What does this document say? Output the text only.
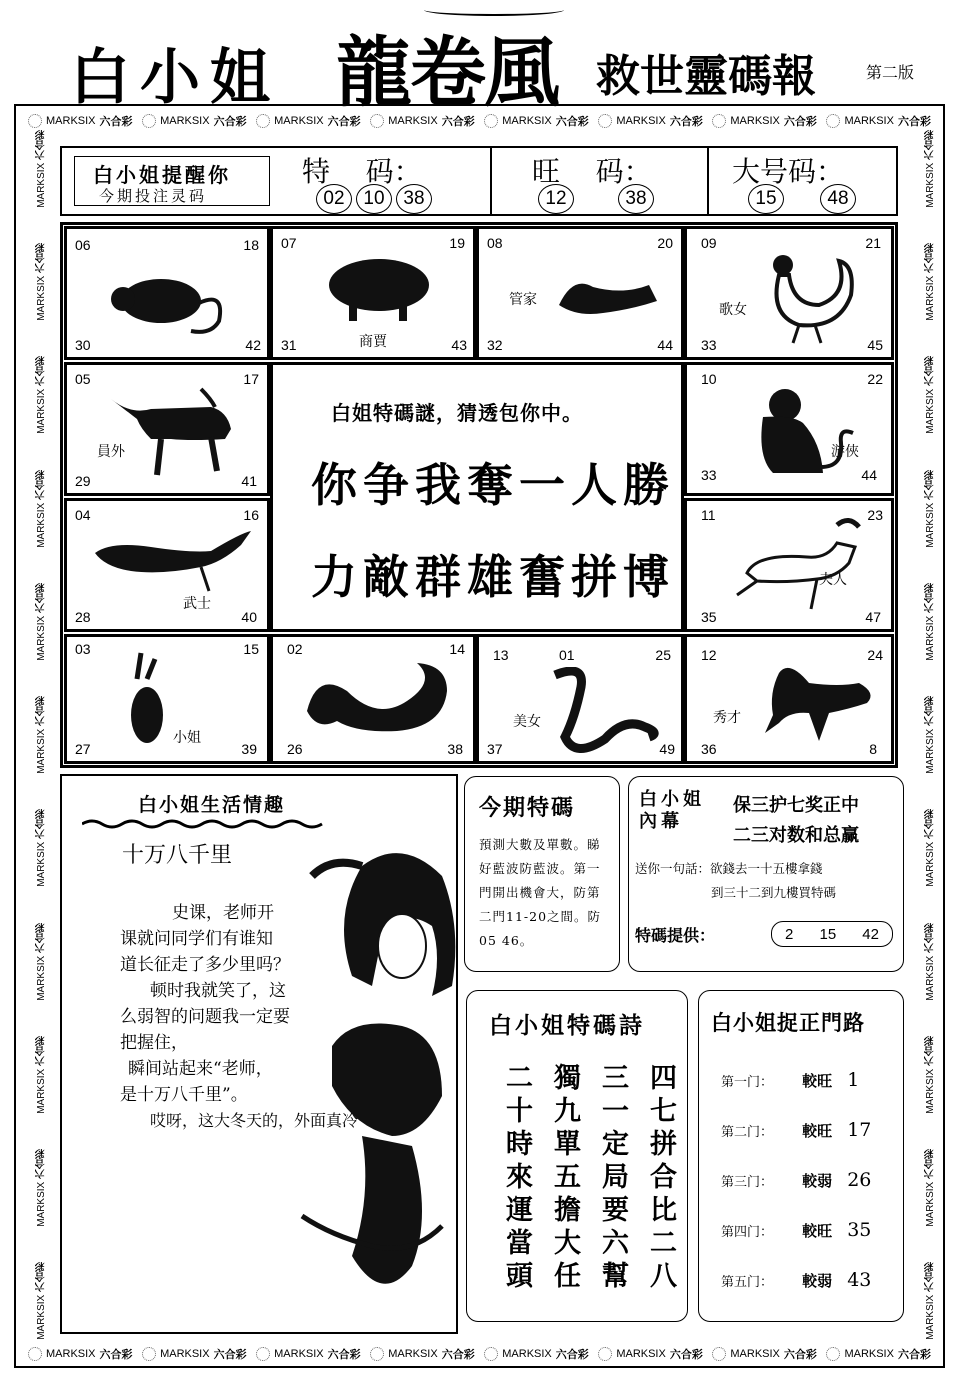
白小姐 龍卷風 救世靈碼報	第二版
MARKSIX 六合彩	MARKSIX 六合彩	MARKSIX 六合彩	MARKSIX 六合彩	MARKSIX 六合彩	MARKSIX 六合彩	MARKSIX 六合彩	MARKSIX 六合彩
MARKSIX 六合彩	MARKSIX 六合彩	MARKSIX 六合彩	MARKSIX 六合彩	MARKSIX 六合彩	MARKSIX 六合彩	MARKSIX 六合彩	MARKSIX 六合彩
MARKSIX 六合彩
MARKSIX 六合彩
MARKSIX 六合彩
MARKSIX 六合彩
MARKSIX 六合彩
MARKSIX 六合彩
MARKSIX 六合彩
MARKSIX 六合彩
MARKSIX 六合彩
MARKSIX 六合彩
MARKSIX 六合彩
MARKSIX 六合彩
MARKSIX 六合彩
MARKSIX 六合彩
MARKSIX 六合彩
MARKSIX 六合彩
MARKSIX 六合彩
MARKSIX 六合彩
MARKSIX 六合彩
MARKSIX 六合彩
MARKSIX 六合彩
MARKSIX 六合彩
白小姐提醒你
今期投注灵码
特    码：
02 10 38
旺    码：
12	38
大号码：
15	48
06	18
30	42
07	19
31	43
商賈
08	20
32	44
管家
09	21
33	45
歌女
05	17
29	41
員外
04	16
28	40
武士
白姐特碼謎，猜透包你中。
你争我奪一人勝
力敵群雄奮拼博
10	22
33	44
游俠
11	23
35	47
夫人
03	15
27	39
小姐
02	14
26	38
13	01	25
37	49
美女
12	24
36	8
秀才
白小姐生活情趣
十万八千里
史课，老师开
课就问同学们有谁知
道长征走了多少里吗？
顿时我就笑了，这
么弱智的问题我一定要
把握住，
瞬间站起来“老师，
是十万八千里”。
哎呀，这大冬天的，外面真冷
今期特碼
預測大數及單數。睇好藍波防藍波。第一門開出機會大，防第二門11-20之間。防05 46。
白小姐
內幕
保三护七奖正中
二三对数和总赢
送你一句話：欲錢去一十五樓拿錢
到三十二到九樓買特碼
特碼提供：	2 15 42
白小姐特碼詩
二十時來運當頭 獨九單五擔大任 三一定局要六幫 四七拼合比二八
白小姐捉正門路
第一门： 較旺 1
第二门： 較旺 17
第三门： 較弱 26
第四门： 較旺 35
第五门： 較弱 43
